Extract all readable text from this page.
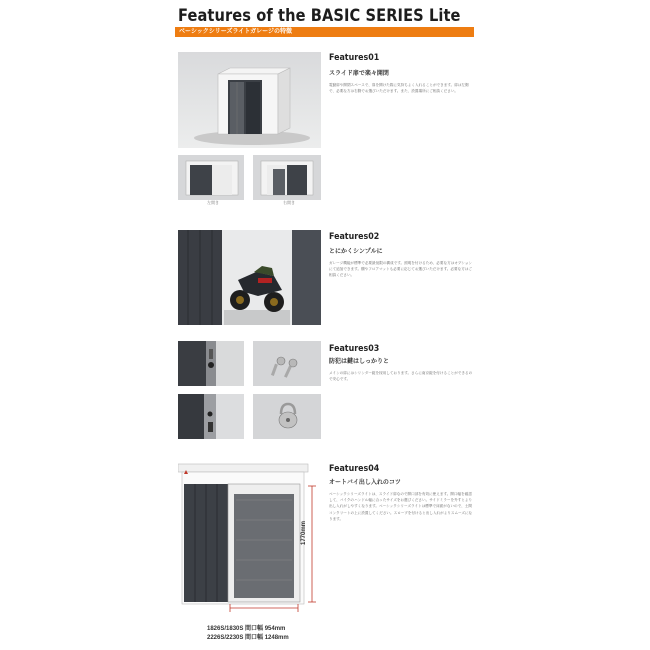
Features of the BASIC SERIES Lite
ベーシックシリーズライトガレージの特徴
Features01
スライド扉で楽々開閉
電動扉や開閉スペースで、扉を開けた際に気持ちよく入れることができます。扉は左側で、必要な方は右側でお選びいただけます。また、設置場所にご相談ください。
左開き	右開き
Features02
とにかくシンプルに
ガレージ機能が標準で必要最低限の構成です。照明を付けるため、必要な方はオプションにて追加できます。棚やフロアマットも必要に応じてお選びいただけます。必要な方はご相談ください。
Features03
防犯は鍵はしっかりと
メインの扉にはシリンダー錠を採用しております。さらに南京錠を付けることができるので安心です。
1770mm
1826S/1830S 間口幅 954mm
2226S/2230S 間口幅 1248mm
Features04
オートバイ出し入れのコツ
ベーシックシリーズライトは、スライド扉なので開口部を有効に使えます。開口幅を確認して、バイクのハンドル幅に合ったサイズをお選びください。サイドミラーを外すとより出し入れがしやすくなります。ベーシックシリーズライトは標準で床面がないので、土間コンクリートの上に設置してください。スロープを付けると出し入れがよりスムーズになります。
